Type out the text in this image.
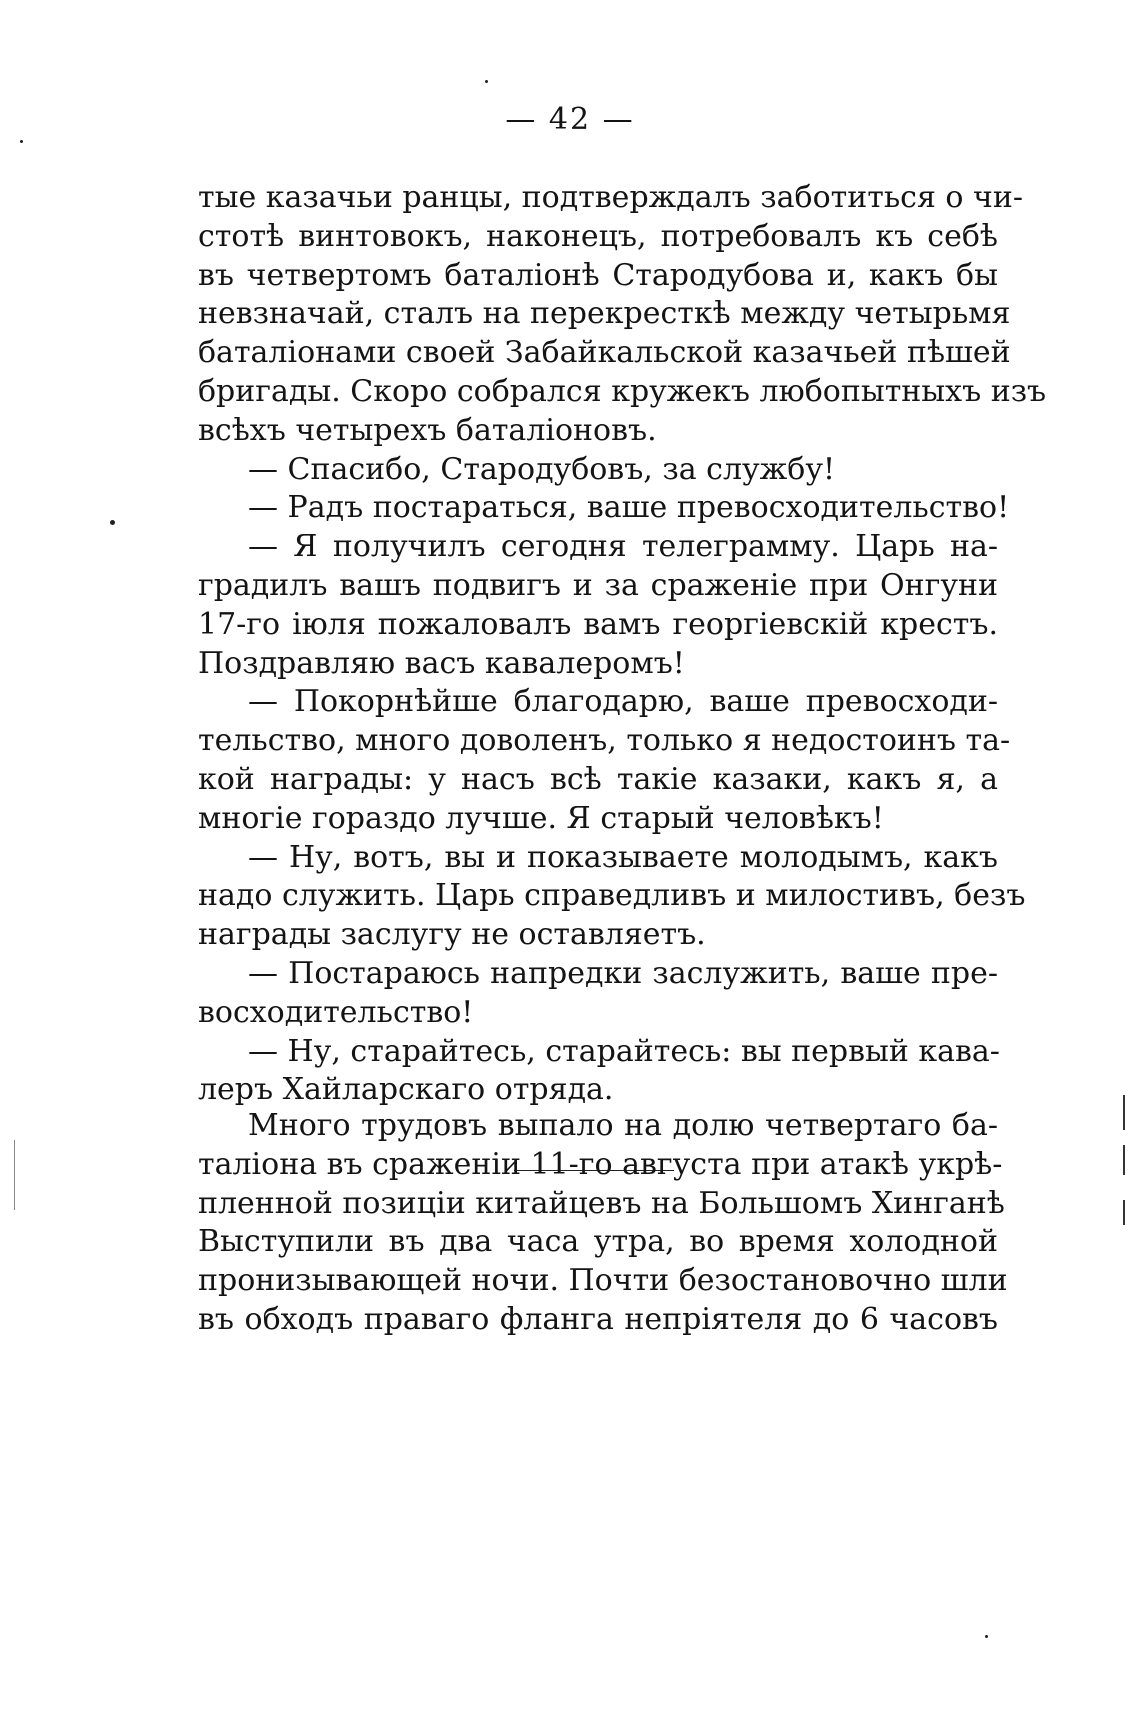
— 42 —
тые казачьи ранцы, подтверждалъ заботиться о чи-
стотѣ винтовокъ, наконецъ, потребовалъ къ себѣ
въ четвертомъ баталіонѣ Стародубова и, какъ бы
невзначай, сталъ на перекресткѣ между четырьмя
баталіонами своей Забайкальской казачьей пѣшей
бригады. Скоро собрался кружекъ любопытныхъ изъ
всѣхъ четырехъ баталіоновъ.
— Спасибо, Стародубовъ, за службу!
— Радъ постараться, ваше превосходительство!
— Я получилъ сегодня телеграмму. Царь на-
градилъ вашъ подвигъ и за сраженіе при Онгуни
17-го іюля пожаловалъ вамъ георгіевскій крестъ.
Поздравляю васъ кавалеромъ!
— Покорнѣйше благодарю, ваше превосходи-
тельство, много доволенъ, только я недостоинъ та-
кой награды: у насъ всѣ такіе казаки, какъ я, а
многіе гораздо лучше. Я старый человѣкъ!
— Ну, вотъ, вы и показываете молодымъ, какъ
надо служить. Царь справедливъ и милостивъ, безъ
награды заслугу не оставляетъ.
— Постараюсь напредки заслужить, ваше пре-
восходительство!
— Ну, старайтесь, старайтесь: вы первый кава-
леръ Хайларскаго отряда.
Много трудовъ выпало на долю четвертаго ба-
таліона въ сраженіи 11-го августа при атакѣ укрѣ-
пленной позиціи китайцевъ на Большомъ Хинганѣ
Выступили въ два часа утра, во время холодной
пронизывающей ночи. Почти безостановочно шли
въ обходъ праваго фланга непріятеля до 6 часовъ
